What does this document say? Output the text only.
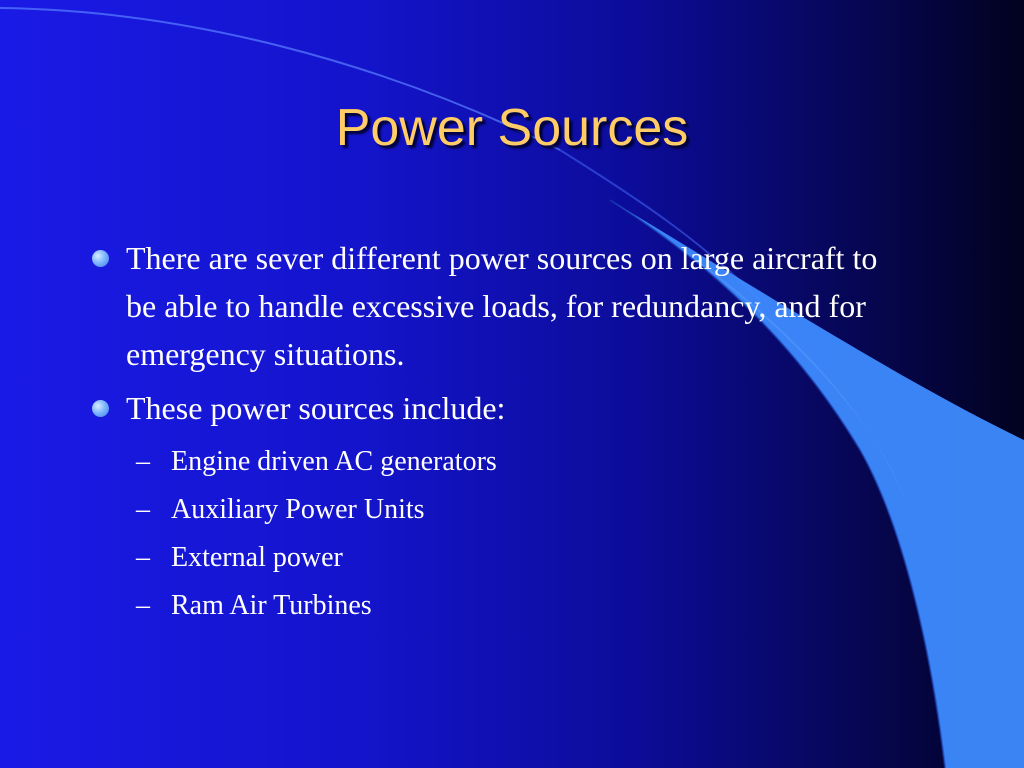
Power Sources
There are sever different power sources on large aircraft to be able to handle excessive loads, for redundancy, and for emergency situations.
These power sources include:
– Engine driven AC generators
– Auxiliary Power Units
– External power
– Ram Air Turbines
